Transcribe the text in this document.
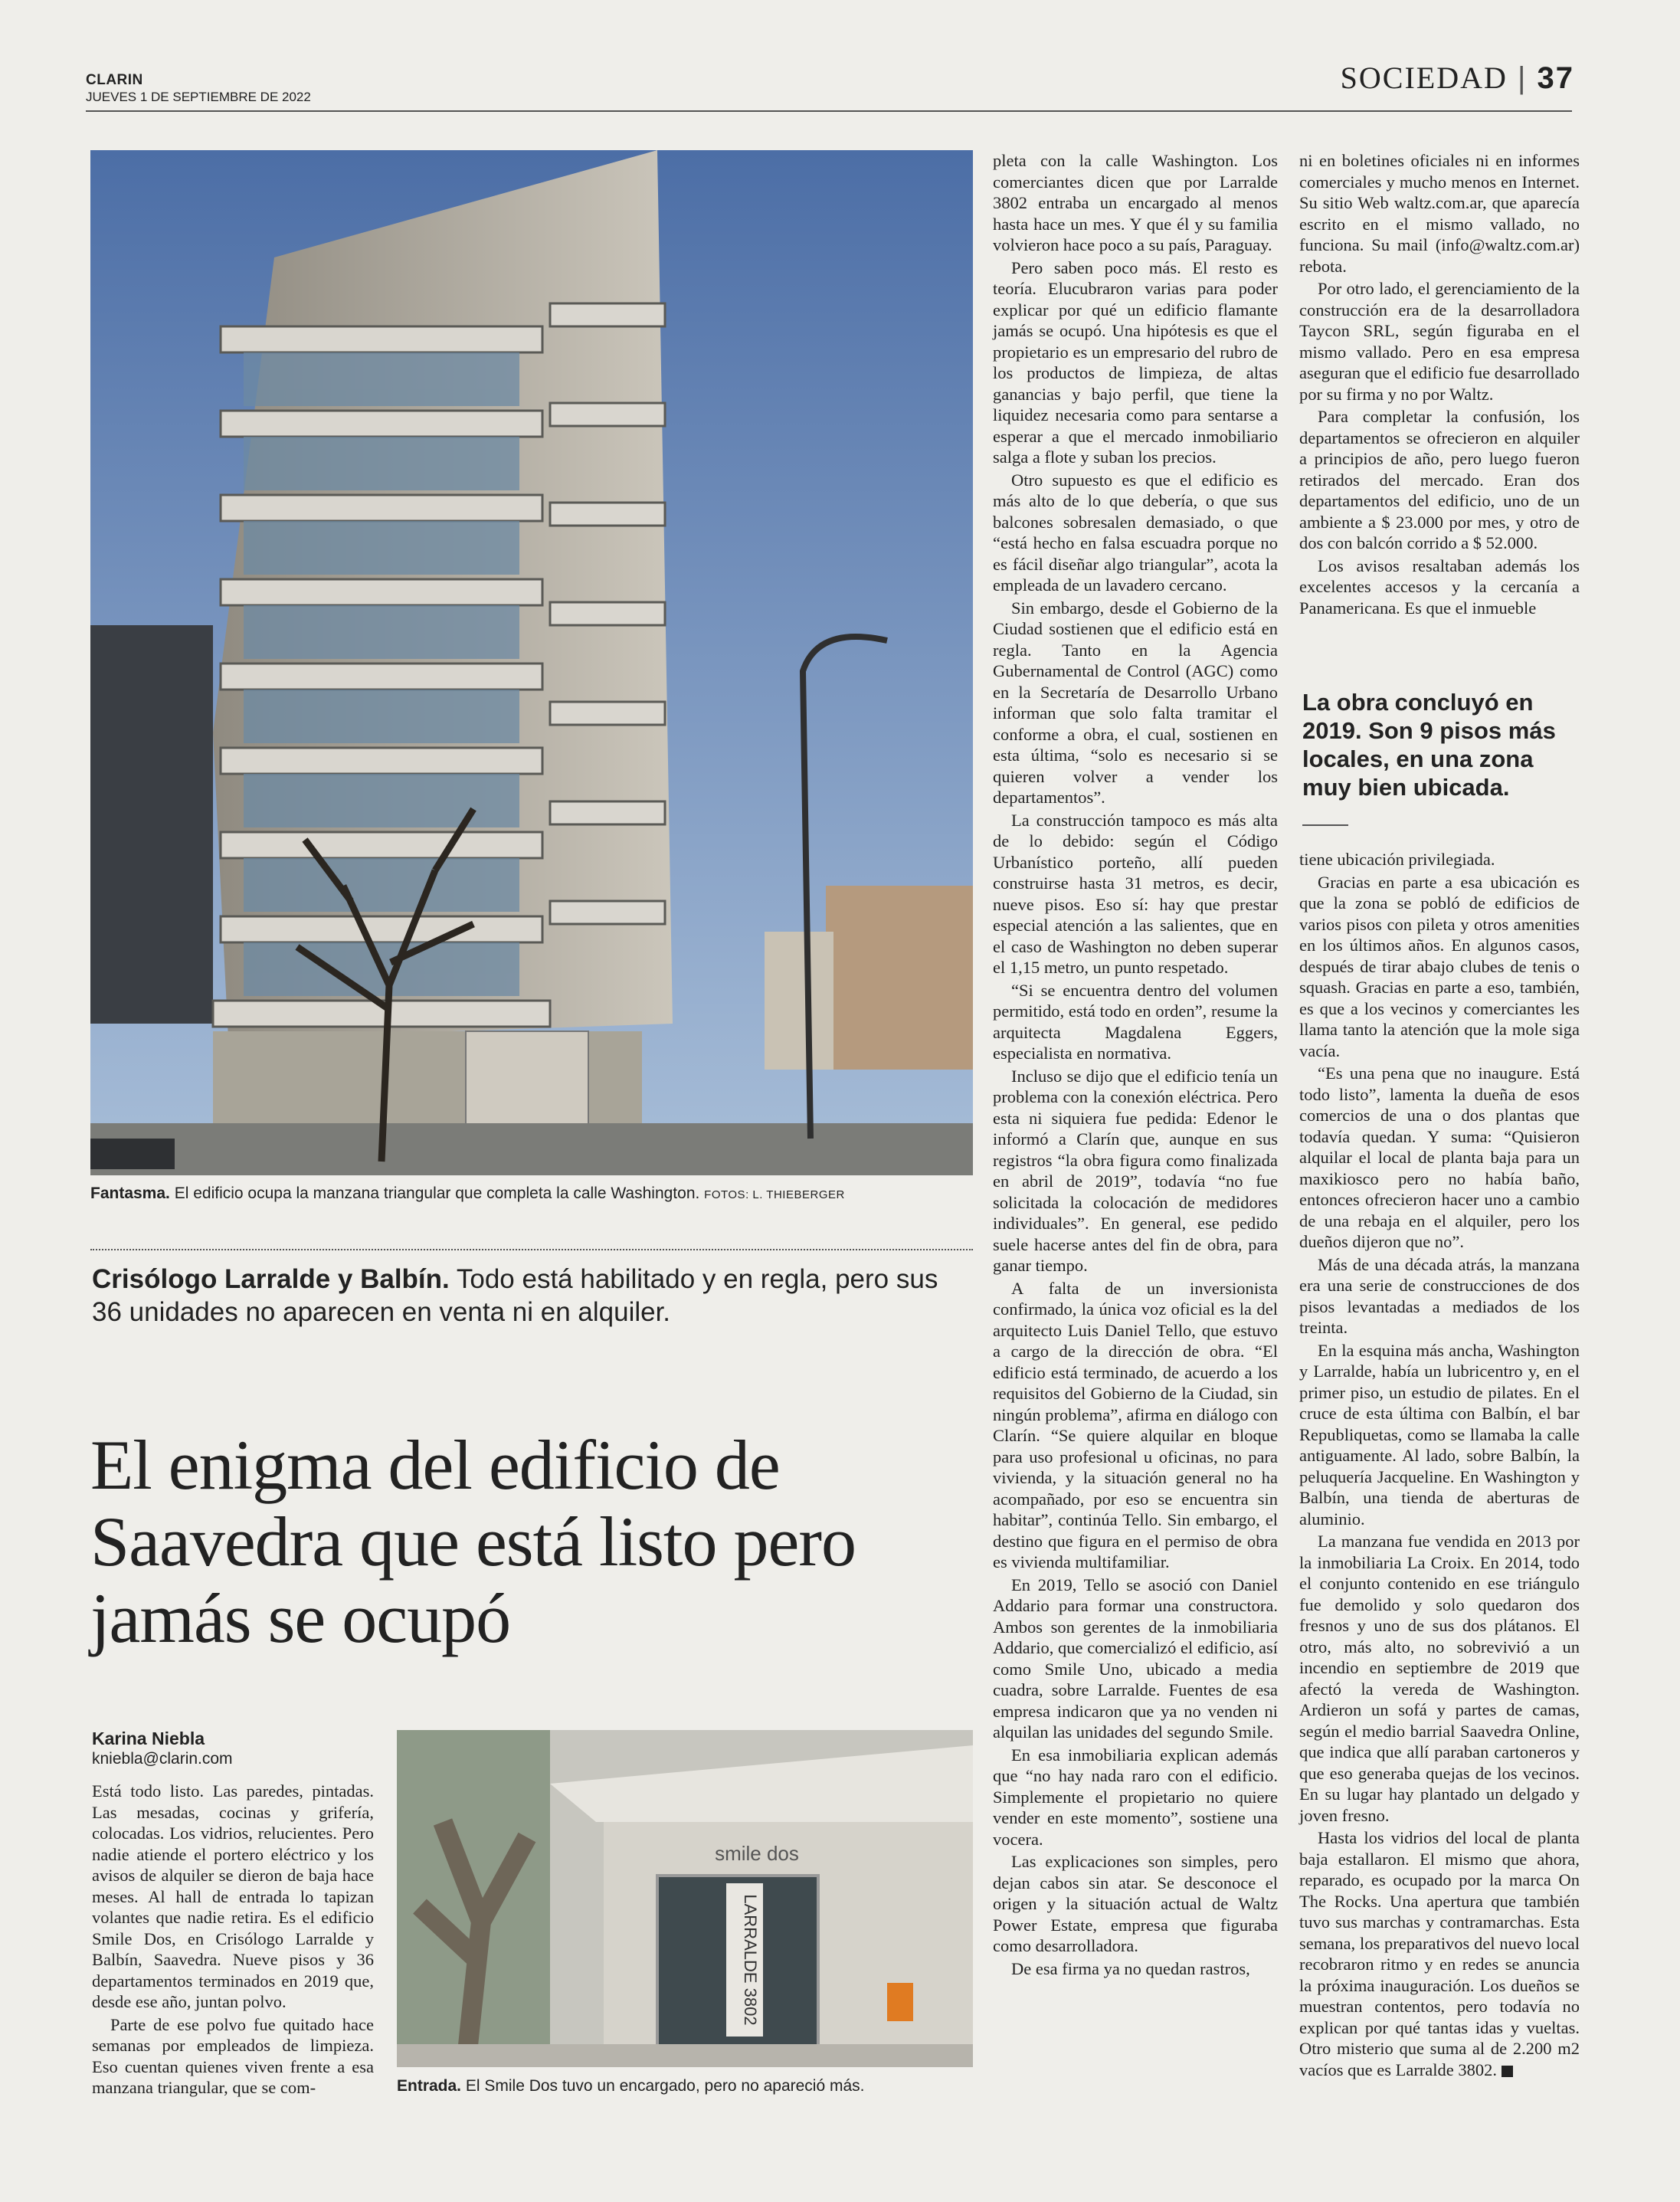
CLARIN
JUEVES 1 DE SEPTIEMBRE DE 2022
SOCIEDAD | 37
Fantasma. El edificio ocupa la manzana triangular que completa la calle Washington. FOTOS: L. THIEBERGER
Crisólogo Larralde y Balbín. Todo está habilitado y en regla, pero sus 36 unidades no aparecen en venta ni en alquiler.
El enigma del edificio de Saavedra que está listo pero jamás se ocupó
Karina Niebla
kniebla@clarin.com

Está todo listo. Las paredes, pintadas. Las mesadas, cocinas y grifería, colocadas. Los vidrios, relucientes. Pero nadie atiende el portero eléctrico y los avisos de alquiler se dieron de baja hace meses. Al hall de entrada lo tapizan volantes que nadie retira. Es el edificio Smile Dos, en Crisólogo Larralde y Balbín, Saavedra. Nueve pisos y 36 departamentos terminados en 2019 que, desde ese año, juntan polvo.

Parte de ese polvo fue quitado hace semanas por empleados de limpieza. Eso cuentan quienes viven frente a esa manzana triangular, que se com-

LARRALDE 3802
smile dos
Entrada. El Smile Dos tuvo un encargado, pero no apareció más.

pleta con la calle Washington. Los comerciantes dicen que por Larralde 3802 entraba un encargado al menos hasta hace un mes. Y que él y su familia volvieron hace poco a su país, Paraguay.

Pero saben poco más. El resto es teoría. Elucubraron varias para poder explicar por qué un edificio flamante jamás se ocupó. Una hipótesis es que el propietario es un empresario del rubro de los productos de limpieza, de altas ganancias y bajo perfil, que tiene la liquidez necesaria como para sentarse a esperar a que el mercado inmobiliario salga a flote y suban los precios.

Otro supuesto es que el edificio es más alto de lo que debería, o que sus balcones sobresalen demasiado, o que “está hecho en falsa escuadra porque no es fácil diseñar algo triangular”, acota la empleada de un lavadero cercano.

Sin embargo, desde el Gobierno de la Ciudad sostienen que el edificio está en regla. Tanto en la Agencia Gubernamental de Control (AGC) como en la Secretaría de Desarrollo Urbano informan que solo falta tramitar el conforme a obra, el cual, sostienen en esta última, “solo es necesario si se quieren volver a vender los departamentos”.

La construcción tampoco es más alta de lo debido: según el Código Urbanístico porteño, allí pueden construirse hasta 31 metros, es decir, nueve pisos. Eso sí: hay que prestar especial atención a las salientes, que en el caso de Washington no deben superar el 1,15 metro, un punto respetado.

“Si se encuentra dentro del volumen permitido, está todo en orden”, resume la arquitecta Magdalena Eggers, especialista en normativa.

Incluso se dijo que el edificio tenía un problema con la conexión eléctrica. Pero esta ni siquiera fue pedida: Edenor le informó a Clarín que, aunque en sus registros “la obra figura como finalizada en abril de 2019”, todavía “no fue solicitada la colocación de medidores individuales”. En general, ese pedido suele hacerse antes del fin de obra, para ganar tiempo.

A falta de un inversionista confirmado, la única voz oficial es la del arquitecto Luis Daniel Tello, que estuvo a cargo de la dirección de obra. “El edificio está terminado, de acuerdo a los requisitos del Gobierno de la Ciudad, sin ningún problema”, afirma en diálogo con Clarín. “Se quiere alquilar en bloque para uso profesional u oficinas, no para vivienda, y la situación general no ha acompañado, por eso se encuentra sin habitar”, continúa Tello. Sin embargo, el destino que figura en el permiso de obra es vivienda multifamiliar.

En 2019, Tello se asoció con Daniel Addario para formar una constructora. Ambos son gerentes de la inmobiliaria Addario, que comercializó el edificio, así como Smile Uno, ubicado a media cuadra, sobre Larralde. Fuentes de esa empresa indicaron que ya no venden ni alquilan las unidades del segundo Smile.

En esa inmobiliaria explican además que “no hay nada raro con el edificio. Simplemente el propietario no quiere vender en este momento”, sostiene una vocera.

Las explicaciones son simples, pero dejan cabos sin atar. Se desconoce el origen y la situación actual de Waltz Power Estate, empresa que figuraba como desarrolladora.

De esa firma ya no quedan rastros,

ni en boletines oficiales ni en informes comerciales y mucho menos en Internet. Su sitio Web waltz.com.ar, que aparecía escrito en el mismo vallado, no funciona. Su mail (info@waltz.com.ar) rebota.

Por otro lado, el gerenciamiento de la construcción era de la desarrolladora Taycon SRL, según figuraba en el mismo vallado. Pero en esa empresa aseguran que el edificio fue desarrollado por su firma y no por Waltz.

Para completar la confusión, los departamentos se ofrecieron en alquiler a principios de año, pero luego fueron retirados del mercado. Eran dos departamentos del edificio, uno de un ambiente a $ 23.000 por mes, y otro de dos con balcón corrido a $ 52.000.

Los avisos resaltaban además los excelentes accesos y la cercanía a Panamericana. Es que el inmueble

La obra concluyó en 2019. Son 9 pisos más locales, en una zona muy bien ubicada.

tiene ubicación privilegiada.

Gracias en parte a esa ubicación es que la zona se pobló de edificios de varios pisos con pileta y otros amenities en los últimos años. En algunos casos, después de tirar abajo clubes de tenis o squash. Gracias en parte a eso, también, es que a los vecinos y comerciantes les llama tanto la atención que la mole siga vacía.

“Es una pena que no inaugure. Está todo listo”, lamenta la dueña de esos comercios de una o dos plantas que todavía quedan. Y suma: “Quisieron alquilar el local de planta baja para un maxikiosco pero no había baño, entonces ofrecieron hacer uno a cambio de una rebaja en el alquiler, pero los dueños dijeron que no”.

Más de una década atrás, la manzana era una serie de construcciones de dos pisos levantadas a mediados de los treinta.

En la esquina más ancha, Washington y Larralde, había un lubricentro y, en el primer piso, un estudio de pilates. En el cruce de esta última con Balbín, el bar Republiquetas, como se llamaba la calle antiguamente. Al lado, sobre Balbín, la peluquería Jacqueline. En Washington y Balbín, una tienda de aberturas de aluminio.

La manzana fue vendida en 2013 por la inmobiliaria La Croix. En 2014, todo el conjunto contenido en ese triángulo fue demolido y solo quedaron dos fresnos y uno de sus dos plátanos. El otro, más alto, no sobrevivió a un incendio en septiembre de 2019 que afectó la vereda de Washington. Ardieron un sofá y partes de camas, según el medio barrial Saavedra Online, que indica que allí paraban cartoneros y que eso generaba quejas de los vecinos. En su lugar hay plantado un delgado y joven fresno.

Hasta los vidrios del local de planta baja estallaron. El mismo que ahora, reparado, es ocupado por la marca On The Rocks. Una apertura que también tuvo sus marchas y contramarchas. Esta semana, los preparativos del nuevo local recobraron ritmo y en redes se anuncia la próxima inauguración. Los dueños se muestran contentos, pero todavía no explican por qué tantas idas y vueltas. Otro misterio que suma al de 2.200 m2 vacíos que es Larralde 3802.
